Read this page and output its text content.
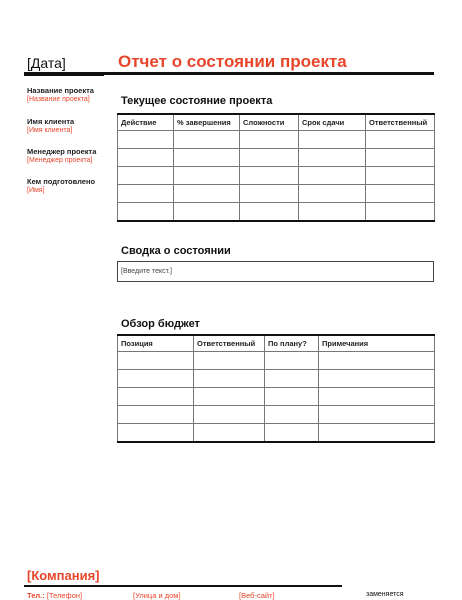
[Дата]	Отчет о состоянии проекта
Название проекта
[Название проекта]
Имя клиента
[Имя клиента]
Менеджер проекта
[Менеджер проекта]
Кем подготовлено
[Имя]
Текущее состояние проекта
Действие	% завершения	Сложности	Срок сдачи	Ответственный

Сводка о состоянии
[Введите текст.]
Обзор бюджет
Позиция	Ответственный	По плану?	Примечания

[Компания]
Тел.: [Телефон]	[Улица и дом]	[Веб-сайт]	заменяется
